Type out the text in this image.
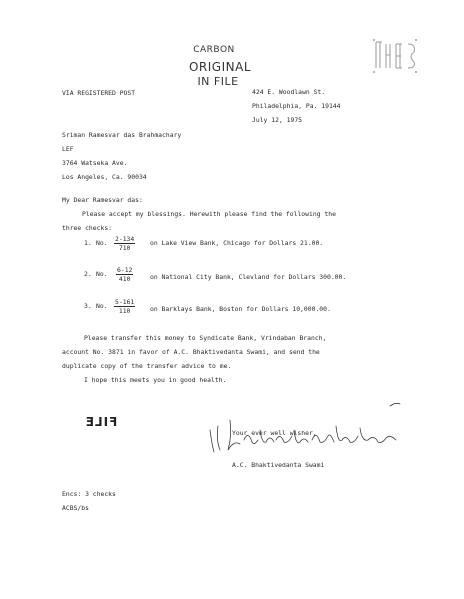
CARBON
ORIGINAL
IN FILE
VIA REGISTERED POST	424 E. Woodlawn St.
Philadelphia, Pa. 19144
July 12, 1975
Sriman Ramesvar das Brahmachary
LEF
3764 Watseka Ave.
Los Angeles, Ca. 90034
My Dear Ramesvar das:
Please accept my blessings. Herewith please find the following the
three checks:
1. No. $\frac{2-134}{710}$ on Lake View Bank, Chicago for Dollars 21.00.
2. No. $\frac{6-12}{410}$	on National City Bank, Clevland for Dollars 300.00.
3. No. $\frac{5-161}{110}$ on Barklays Bank, Boston for Dollars 10,000.00.
Please transfer this money to Syndicate Bank, Vrindaban Branch,
account No. 3871 in favor of A.C. Bhaktivedanta Swami, and send the
duplicate copy of the transfer advice to me.
I hope this meets you in good health.
FILE
Your ever well wisher,
A.C. Bhaktivedanta Swami
Encs: 3 checks
ACBS/bs
